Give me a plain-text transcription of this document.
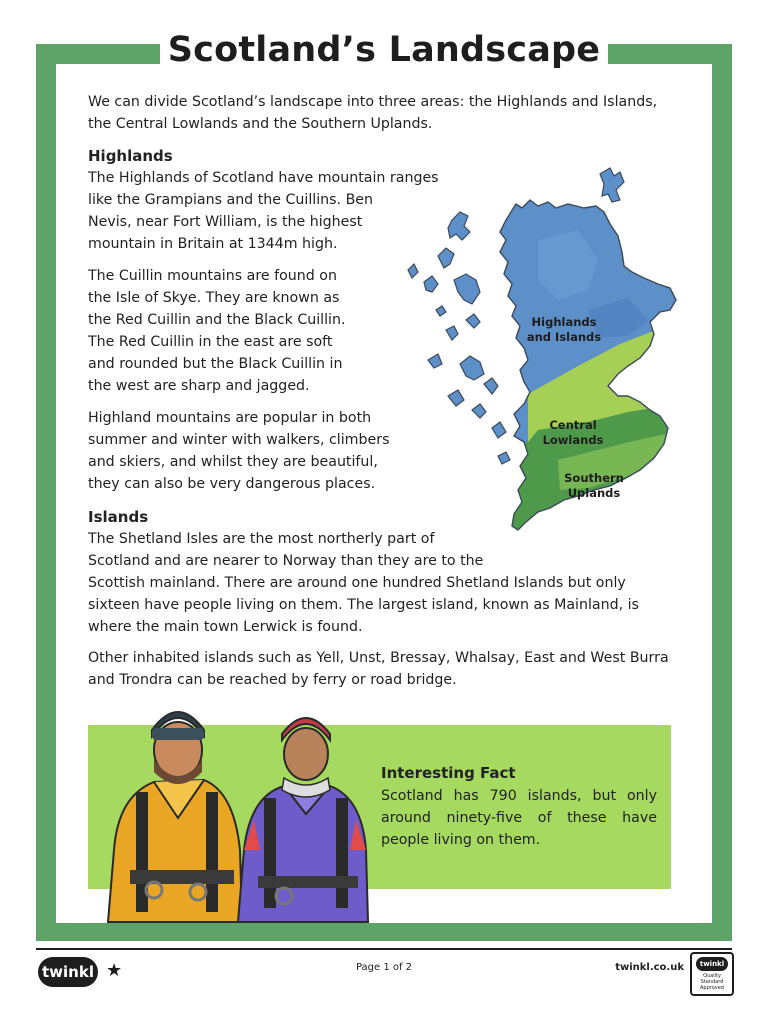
Scotland’s Landscape

We can divide Scotland’s landscape into three areas: the Highlands and Islands, the Central Lowlands and the Southern Uplands.

Highlands

The Highlands of Scotland have mountain ranges

like the Grampians and the Cuillins. Ben

Nevis, near Fort William, is the highest

mountain in Britain at 1344m high.

The Cuillin mountains are found on

the Isle of Skye. They are known as

the Red Cuillin and the Black Cuillin.

The Red Cuillin in the east are soft

and rounded but the Black Cuillin in

the west are sharp and jagged.

Highland mountains are popular in both

summer and winter with walkers, climbers

and skiers, and whilst they are beautiful,

they can also be very dangerous places.

Highlands and Islands
Central Lowlands
Southern Uplands
Islands

The Shetland Isles are the most northerly part of

Scotland and are nearer to Norway than they are to the

Scottish mainland. There are around one hundred Shetland Islands but only

sixteen have people living on them. The largest island, known as Mainland, is

where the main town Lerwick is found.

Other inhabited islands such as Yell, Unst, Bressay, Whalsay, East and West Burra and Trondra can be reached by ferry or road bridge.

Interesting Fact

Scotland has 790 islands, but only around ninety-five of these have people living on them.

twinkl ★	Page 1 of 2	twinkl.co.uk	twinkl
Quality Standard Approved
